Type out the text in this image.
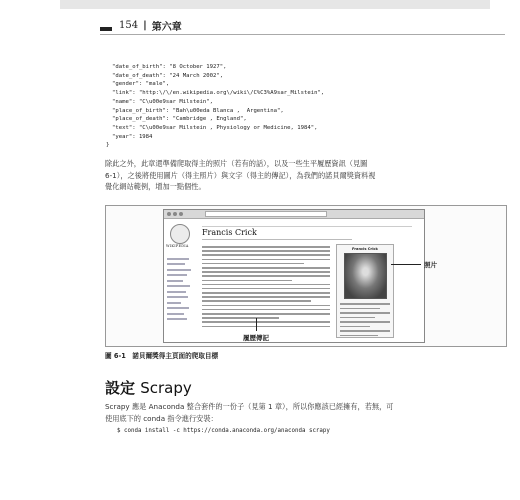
154 | 第六章
"date_of_birth": "8 October 1927",
"date_of_death": "24 March 2002",
"gender": "male",
"link": "http:\/\/en.wikipedia.org\/wiki\/C%C3%A9sar_Milstein",
"name": "C\u00e9sar Milstein",
"place_of_birth": "Bah\u00eda Blanca ,  Argentina",
"place_of_death": "Cambridge , England",
"text": "C\u00e9sar Milstein , Physiology or Medicine, 1984",
"year": 1984
}
除此之外，此章還準備爬取得主的照片（若有的話），以及一些生平履歷資訊（見圖
6-1），之後將使用圖片（得主照片）與文字（得主的傳記），為我們的諾貝爾獎資料視
覺化網站範例，增加一點個性。
WIKIPEDIA
Francis Crick
Francis Crick
照片
履歷傳記
圖 6-1　諾貝爾獎得主頁面的爬取目標
設定 Scrapy
Scrapy 應是 Anaconda 整合套件的一份子（見第 1 章），所以你應該已經擁有，若無，可
使用底下的 conda 指令進行安裝：
$ conda install -c https://conda.anaconda.org/anaconda scrapy
